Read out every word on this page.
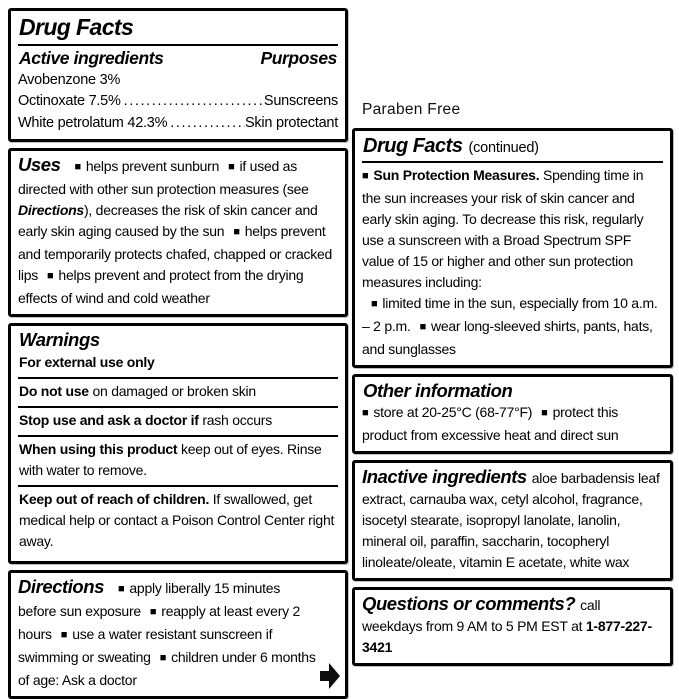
Drug Facts
Active ingredients	Purposes
Avobenzone 3%
Octinoxate 7.5% .....	Sunscreens
White petrolatum 42.3% .....	Skin protectant

Uses ■ helps prevent sunburn ■ if used as directed with other sun protection measures (see Directions), decreases the risk of skin cancer and early skin aging caused by the sun ■ helps prevent and temporarily protects chafed, chapped or cracked lips ■ helps prevent and protect from the drying effects of wind and cold weather

Warnings

For external use only

Do not use on damaged or broken skin

Stop use and ask a doctor if rash occurs

When using this product keep out of eyes. Rinse with water to remove.

Keep out of reach of children. If swallowed, get medical help or contact a Poison Control Center right away.

Directions ■ apply liberally 15 minutes before sun exposure ■ reapply at least every 2 hours ■ use a water resistant sunscreen if swimming or sweating ■ children under 6 months of age: Ask a doctor

Paraben Free
Drug Facts (continued)

■ Sun Protection Measures. Spending time in the sun increases your risk of skin cancer and early skin aging. To decrease this risk, regularly use a sunscreen with a Broad Spectrum SPF value of 15 or higher and other sun protection measures including:
■ limited time in the sun, especially from 10 a.m. – 2 p.m. ■ wear long-sleeved shirts, pants, hats, and sunglasses

Other information

■ store at 20-25°C (68-77°F) ■ protect this product from excessive heat and direct sun

Inactive ingredients aloe barbadensis leaf extract, carnauba wax, cetyl alcohol, fragrance, isocetyl stearate, isopropyl lanolate, lanolin, mineral oil, paraffin, saccharin, tocopheryl linoleate/oleate, vitamin E acetate, white wax

Questions or comments? call weekdays from 9 AM to 5 PM EST at 1-877-227-3421
